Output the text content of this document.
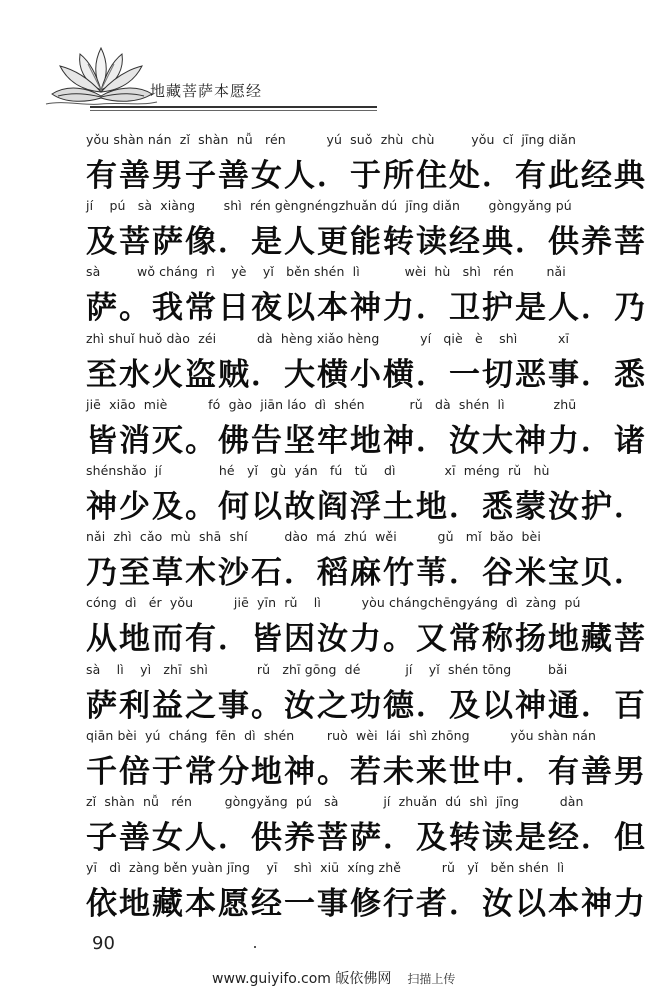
地藏菩萨本愿经
yǒu shàn nán  zǐ  shàn  nǚ   rén          yú  suǒ  zhù  chù         yǒu  cǐ  jīng diǎn
有善男子善女人．于所住处．有此经典
jí    pú   sà  xiàng       shì  rén gèngnéngzhuǎn dú  jīng diǎn       gòngyǎng pú
及菩萨像．是人更能转读经典．供养菩
sà         wǒ cháng  rì    yè    yǐ   běn shén  lì           wèi  hù   shì   rén        nǎi
萨。我常日夜以本神力．卫护是人．乃
zhì shuǐ huǒ dào  zéi          dà  hèng xiǎo hèng          yí   qiè   è    shì          xī
至水火盗贼．大横小横．一切恶事．悉
jiē  xiāo  miè          fó  gào  jiān láo  dì  shén           rǔ   dà  shén  lì            zhū
皆消灭。佛告坚牢地神．汝大神力．诸
shénshǎo  jí              hé   yǐ   gù  yán   fú   tǔ    dì            xī  méng  rǔ   hù
神少及。何以故阎浮土地．悉蒙汝护．
nǎi  zhì  cǎo  mù  shā  shí         dào  má  zhú  wěi          gǔ   mǐ  bǎo  bèi
乃至草木沙石．稻麻竹苇．谷米宝贝．
cóng  dì   ér  yǒu          jiē  yīn  rǔ    lì          yòu chángchēngyáng  dì  zàng  pú
从地而有．皆因汝力。又常称扬地藏菩
sà    lì    yì   zhī  shì            rǔ   zhī gōng  dé           jí    yǐ  shén tōng         bǎi
萨利益之事。汝之功德．及以神通．百
qiān bèi  yú  cháng  fēn  dì  shén        ruò  wèi  lái  shì zhōng          yǒu shàn nán
千倍于常分地神。若未来世中．有善男
zǐ  shàn  nǚ   rén        gòngyǎng  pú   sà           jí  zhuǎn  dú  shì  jīng          dàn
子善女人．供养菩萨．及转读是经．但
yī   dì  zàng běn yuàn jīng    yī    shì  xiū  xíng zhě          rǔ   yǐ   běn shén  lì
依地藏本愿经一事修行者．汝以本神力
90
www.guiyifo.com 皈依佛网 扫描上传
